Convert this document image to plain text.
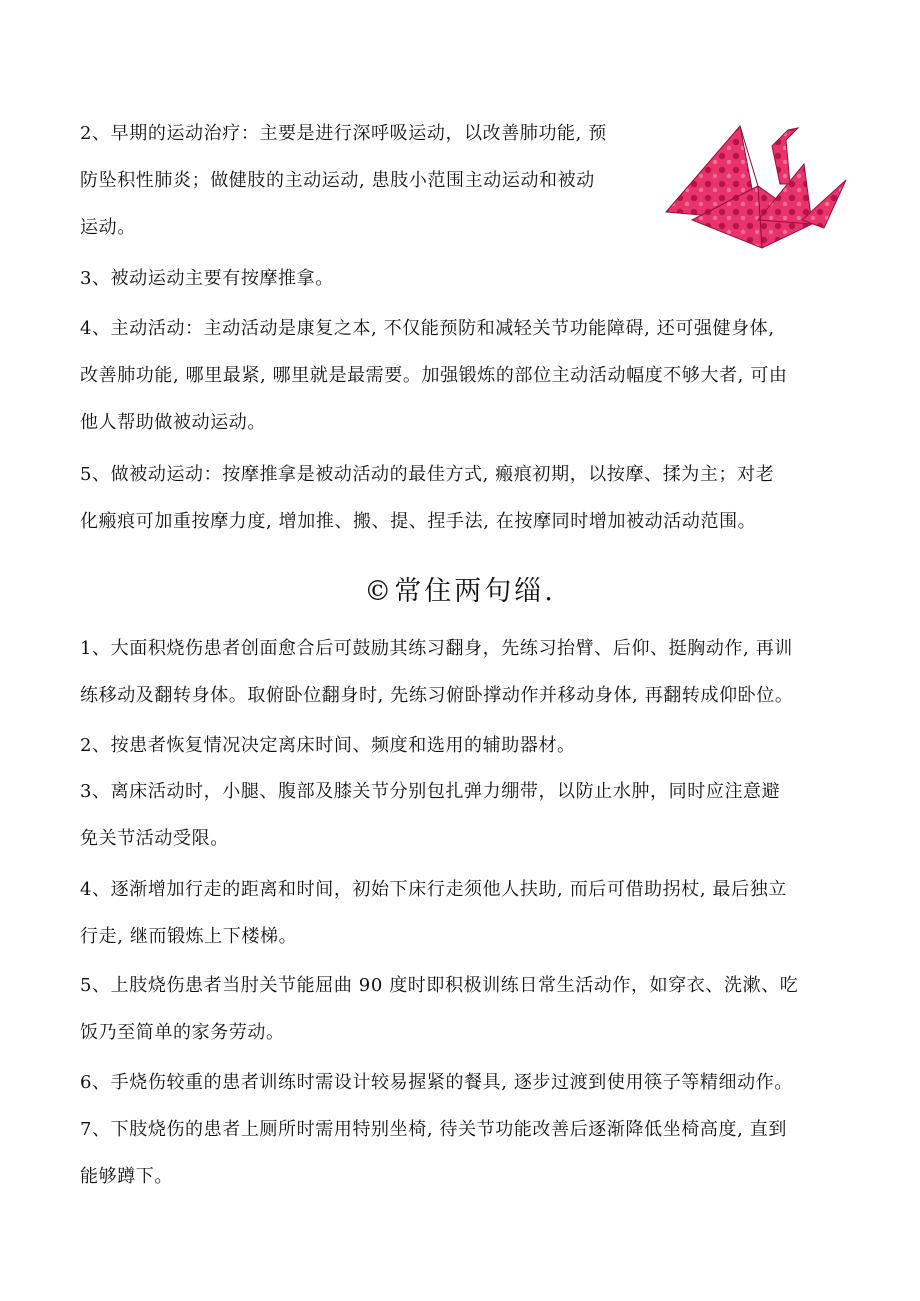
2、早期的运动治疗：主要是进行深呼吸运动，以改善肺功能, 预
防坠积性肺炎；做健肢的主动运动, 患肢小范围主动运动和被动
运动。
3、被动运动主要有按摩推拿。
4、主动活动：主动活动是康复之本, 不仅能预防和减轻关节功能障碍, 还可强健身体,
改善肺功能, 哪里最紧, 哪里就是最需要。加强锻炼的部位主动活动幅度不够大者, 可由
他人帮助做被动运动。
5、做被动运动：按摩推拿是被动活动的最佳方式, 瘢痕初期，以按摩、揉为主；对老
化瘢痕可加重按摩力度, 增加推、搬、提、捏手法, 在按摩同时增加被动活动范围。
©常住两句缁.
1、大面积烧伤患者创面愈合后可鼓励其练习翻身，先练习抬臂、后仰、挺胸动作, 再训
练移动及翻转身体。取俯卧位翻身时, 先练习俯卧撑动作并移动身体, 再翻转成仰卧位。
2、按患者恢复情况决定离床时间、频度和选用的辅助器材。
3、离床活动时，小腿、腹部及膝关节分别包扎弹力绷带，以防止水肿，同时应注意避
免关节活动受限。
4、逐渐增加行走的距离和时间，初始下床行走须他人扶助, 而后可借助拐杖, 最后独立
行走, 继而锻炼上下楼梯。
5、上肢烧伤患者当肘关节能屈曲 90 度时即积极训练日常生活动作，如穿衣、洗漱、吃
饭乃至简单的家务劳动。
6、手烧伤较重的患者训练时需设计较易握紧的餐具, 逐步过渡到使用筷子等精细动作。
7、下肢烧伤的患者上厕所时需用特别坐椅, 待关节功能改善后逐渐降低坐椅高度, 直到
能够蹲下。
